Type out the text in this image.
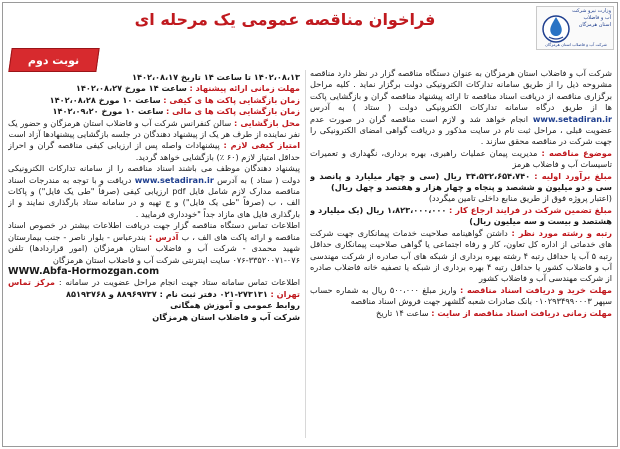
فراخوان مناقصه عمومی یک مرحله ای	وزارت نیرو شرکت آب و فاضلاب استان هرمزگان
شرکت آب و فاضلاب استان هرمزگان
نوبت دوم

شرکت آب و فاضلاب استان هرمزگان به عنوان دستگاه مناقصه گزار در نظر دارد مناقصه مشروحه ذیل را از طریق سامانه تدارکات الکترونیکی دولت برگزار نماید . کلیه مراحل برگزاری مناقصه از دریافت اسناد مناقصه تا ارائه پیشنهاد مناقصه گران و بازگشایی پاکت ها از طریق درگاه سامانه تدارکات الکترونیکی دولت ( ستاد ) به آدرس www.setadiran.ir انجام خواهد شد و لازم است مناقصه گران در صورت عدم عضویت قبلی ، مراحل ثبت نام در سایت مذکور و دریافت گواهی امضای الکترونیکی را جهت شرکت در مناقصه محقق سازند .

موضوع مناقصه : مدیریت پیمان عملیات راهبری، بهره برداری، نگهداری و تعمیرات تاسیسات آب و فاضلاب هرمز

مبلغ برآورد اولیه : ۳۴،۵۳۲،۶۵۴،۷۴۰ ریال (سی و چهار میلیارد و پانصد و سی و دو میلیون و ششصد و پنجاه و چهار هزار و هفتصد و چهل ریال)

(اعتبار پروژه فوق از طریق منابع داخلی تامین میگردد)

مبلغ تضمین شرکت در فرایند ارجاع کار : ۱،۸۲۳،۰۰۰،۰۰۰ ریال (یک میلیارد و هشتصد و بیست و سه میلیون ریال)

رتبه و رشته مورد نظر : داشتن گواهینامه صلاحیت خدمات پیمانکاری جهت شرکت های خدماتی از اداره کل تعاون، کار و رفاه اجتماعی یا گواهی صلاحیت پیمانکاری حداقل رتبه ۵ آب یا حداقل رتبه ۴ رشته بهره برداری از شبکه های آب صادره از شرکت مهندسی آب و فاضلاب کشور یا حداقل رتبه ۴ بهره برداری از شبکه یا تصفیه خانه فاضلاب صادره از شرکت مهندسی آب و فاضلاب کشور

مهلت خرید و دریافت اسناد مناقصه : واریز مبلغ ۵۰۰،۰۰۰ ریال به شماره حساب سپهر ۰۱۰۲۹۳۴۹۹۰۰۰۳ بانک صادرات شعبه گلشهر جهت فروش اسناد مناقصه

مهلت زمانی دریافت اسناد مناقصه از سایت : ساعت ۱۴ تاریخ

۱۴۰۲،۰۸،۱۳ تا ساعت ۱۴ تاریخ ۱۴۰۲،۰۸،۱۷

مهلت زمانی ارائه پیشنهاد : ساعت ۱۴ مورخ ۱۴۰۲،۰۸،۲۷

زمان بازگشایی پاکت ها ی کیفی : ساعت ۱۰ مورخ ۱۴۰۲،۰۸،۲۸

زمان بازگشایی پاکت ها ی مالی : ساعت ۱۰ مورخ ۱۴۰۲،۰۹،۲۰

محل بازگشایی : سالن کنفرانس شرکت آب و فاضلاب استان هرمزگان و حضور یک نفر نماینده از طرف هر یک از پیشنهاد دهندگان در جلسه بازگشایی پیشنهادها آزاد است

امتیاز کیفی لازم : پیشنهادات واصله پس از ارزیابی کیفی مناقصه گران و احراز حداقل امتیاز لازم (۶۰ ٪) بازگشایی خواهد گردید.

پیشنهاد دهندگان موظف می باشند اسناد مناقصه را از سامانه تدارکات الکترونیکی دولت ( ستاد ) به آدرس www.setadiran.ir دریافت و با توجه به مندرجات اسناد مناقصه مدارک لازم شامل فایل pdf ارزیابی کیفی (صرفاً "طی یک فایل") و پاکات الف ، ب (صرفاً "طی یک فایل") و ج تهیه و در سامانه ستاد بارگذاری نمایند و از بارگذاری فایل های مازاد جداً "خودداری فرمایید .

اطلاعات تماس دستگاه مناقصه گزار جهت دریافت اطلاعات بیشتر در خصوص اسناد مناقصه و ارائه پاکت های الف ، ب آدرس : بندرعباس - بلوار ناصر - جنب بیمارستان شهید محمدی - شرکت آب و فاضلاب استان هرمزگان (امور قراردادها) تلفن ۰۷۶-۳۳۵۲۰۰۷۱-۰۷۶ سایت اینترنتی شرکت آب و فاضلاب استان هرمزگان

WWW.Abfa-Hormozgan.com

اطلاعات تماس سامانه ستاد جهت انجام مراحل عضویت در سامانه : مرکز تماس تهران : ۲۷۳۱۳۱-۰۲۱ دفتر ثبت نام : ۸۸۹۶۹۷۳۷ و ۸۵۱۹۳۷۶۸

روابط عمومی و آموزش همگانی

شرکت آب و فاضلاب استان هرمزگان
